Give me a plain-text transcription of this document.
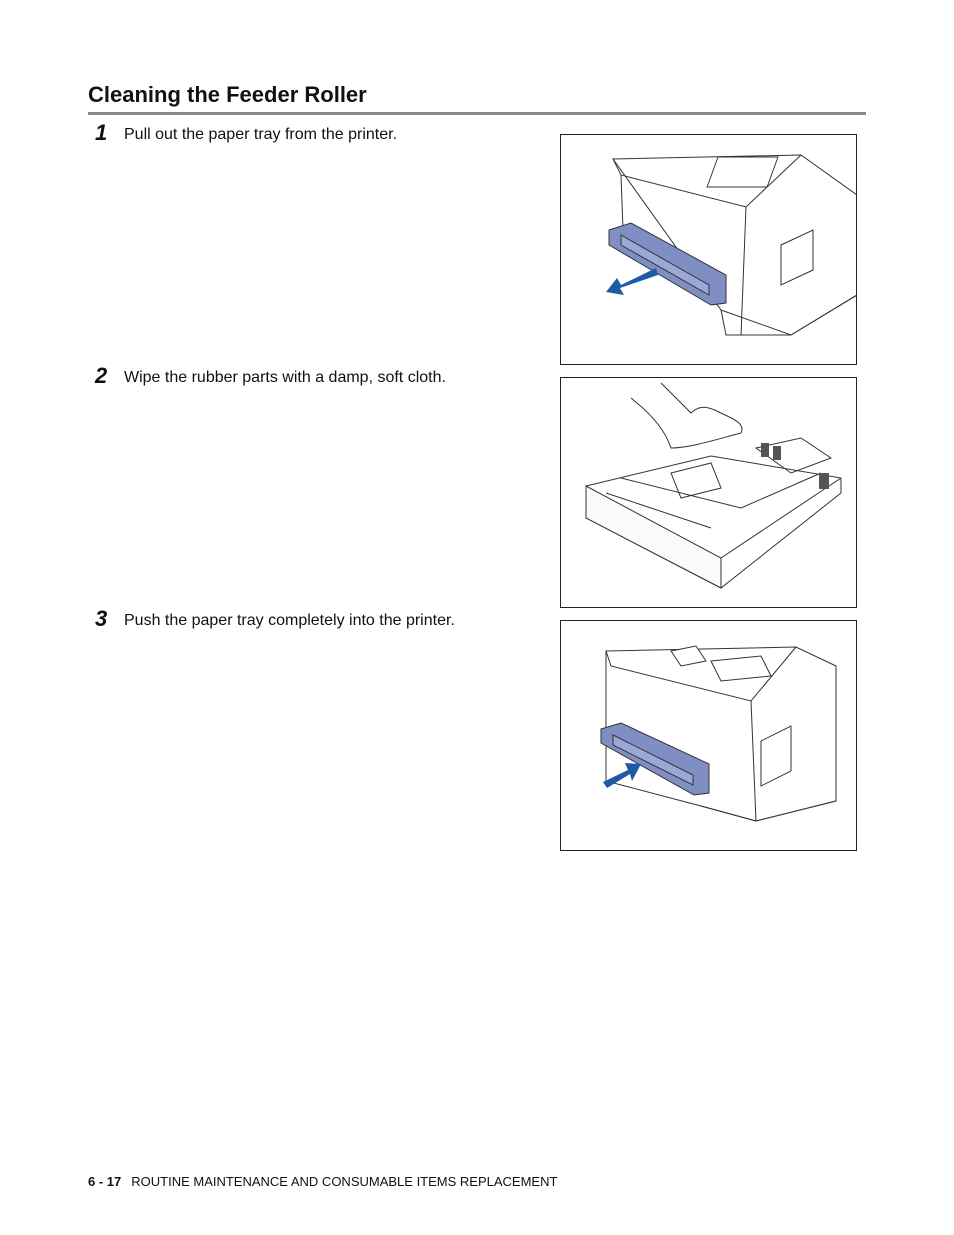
Cleaning the Feeder Roller
1 Pull out the paper tray from the printer.
2 Wipe the rubber parts with a damp, soft cloth.
3 Push the paper tray completely into the printer.
6 - 17 ROUTINE MAINTENANCE AND CONSUMABLE ITEMS REPLACEMENT
